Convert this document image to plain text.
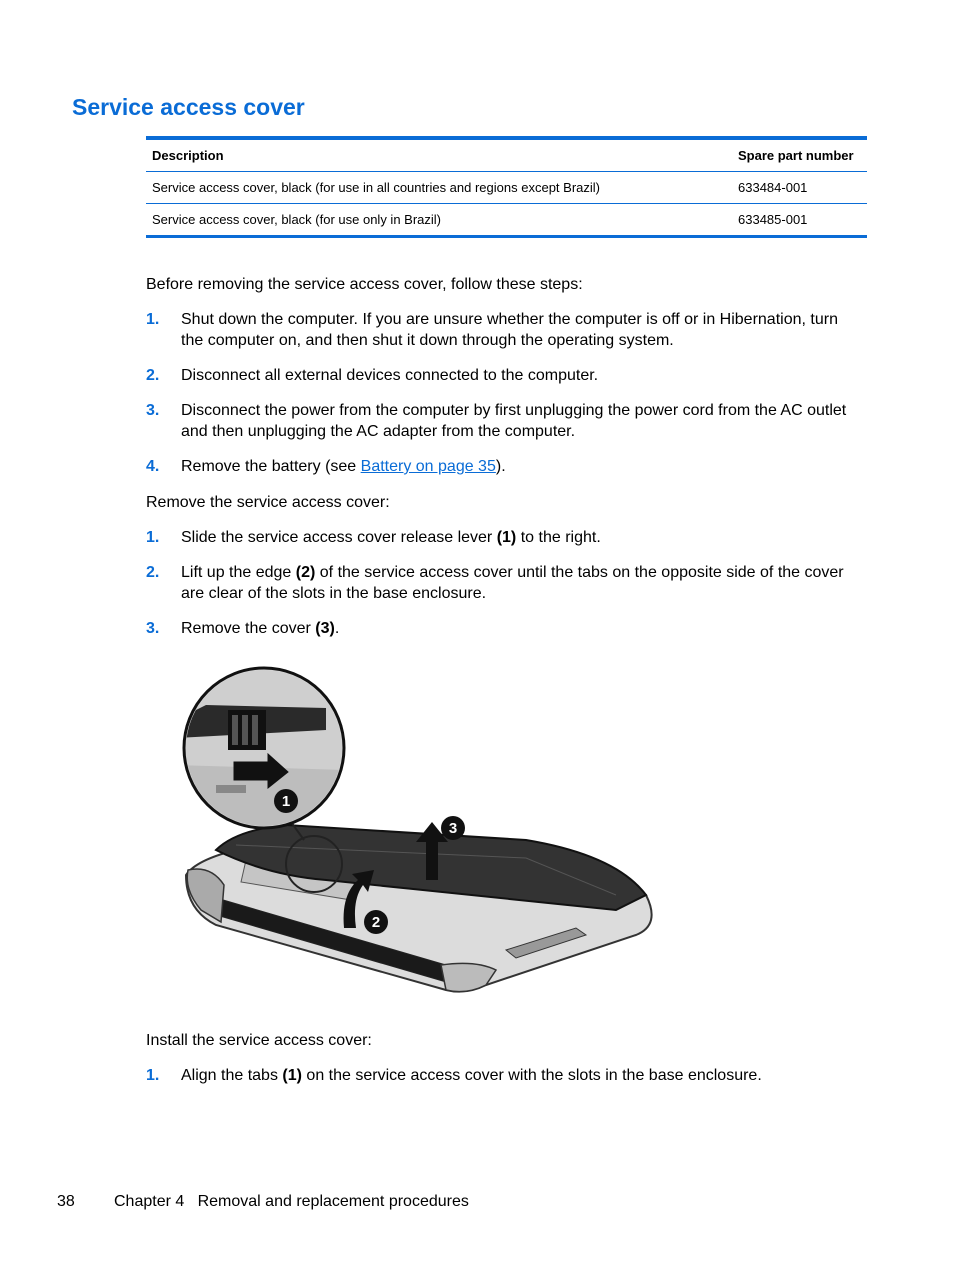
Service access cover
Description	Spare part number
Service access cover, black (for use in all countries and regions except Brazil)	633484-001
Service access cover, black (for use only in Brazil)	633485-001

Before removing the service access cover, follow these steps:

1. Shut down the computer. If you are unsure whether the computer is off or in Hibernation, turn the computer on, and then shut it down through the operating system.
2. Disconnect all external devices connected to the computer.
3. Disconnect the power from the computer by first unplugging the power cord from the AC outlet and then unplugging the AC adapter from the computer.
4. Remove the battery (see Battery on page 35).

Remove the service access cover:

1. Slide the service access cover release lever (1) to the right.
2. Lift up the edge (2) of the service access cover until the tabs on the opposite side of the cover are clear of the slots in the base enclosure.
3. Remove the cover (3).
1
2
3

Install the service access cover:

1. Align the tabs (1) on the service access cover with the slots in the base enclosure.
38 Chapter 4   Removal and replacement procedures
